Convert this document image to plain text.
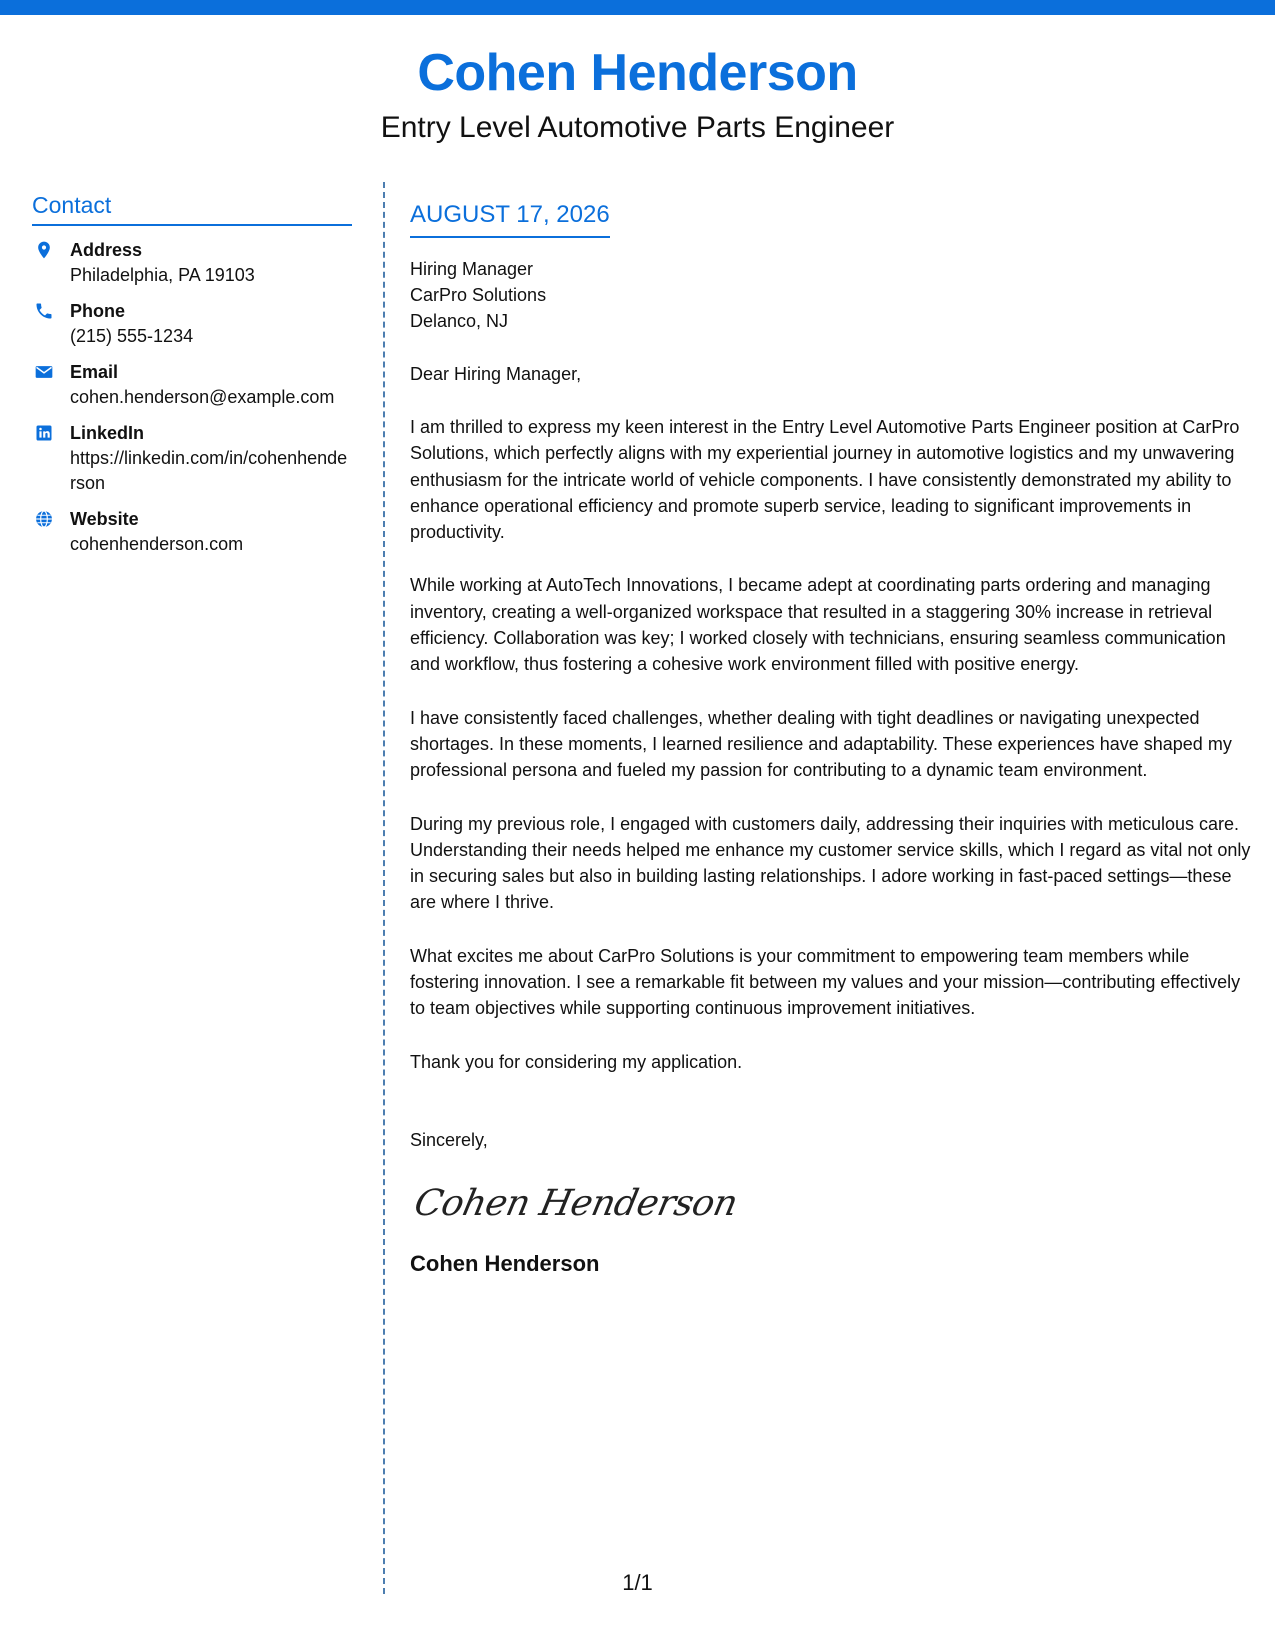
Cohen Henderson
Entry Level Automotive Parts Engineer
Contact
Address
Philadelphia, PA 19103
Phone
(215) 555-1234
Email
cohen.henderson@example.com
LinkedIn
https://linkedin.com/in/cohenhenderson
Website
cohenhenderson.com
AUGUST 17, 2026
Hiring Manager
CarPro Solutions
Delanco, NJ
Dear Hiring Manager,
I am thrilled to express my keen interest in the Entry Level Automotive Parts Engineer position at CarPro Solutions, which perfectly aligns with my experiential journey in automotive logistics and my unwavering enthusiasm for the intricate world of vehicle components. I have consistently demonstrated my ability to enhance operational efficiency and promote superb service, leading to significant improvements in productivity.
While working at AutoTech Innovations, I became adept at coordinating parts ordering and managing inventory, creating a well-organized workspace that resulted in a staggering 30% increase in retrieval efficiency. Collaboration was key; I worked closely with technicians, ensuring seamless communication and workflow, thus fostering a cohesive work environment filled with positive energy.
I have consistently faced challenges, whether dealing with tight deadlines or navigating unexpected shortages. In these moments, I learned resilience and adaptability. These experiences have shaped my professional persona and fueled my passion for contributing to a dynamic team environment.
During my previous role, I engaged with customers daily, addressing their inquiries with meticulous care. Understanding their needs helped me enhance my customer service skills, which I regard as vital not only in securing sales but also in building lasting relationships. I adore working in fast-paced settings—these are where I thrive.
What excites me about CarPro Solutions is your commitment to empowering team members while fostering innovation. I see a remarkable fit between my values and your mission—contributing effectively to team objectives while supporting continuous improvement initiatives.
Thank you for considering my application.
Sincerely,
Cohen Henderson
Cohen Henderson
1/1
